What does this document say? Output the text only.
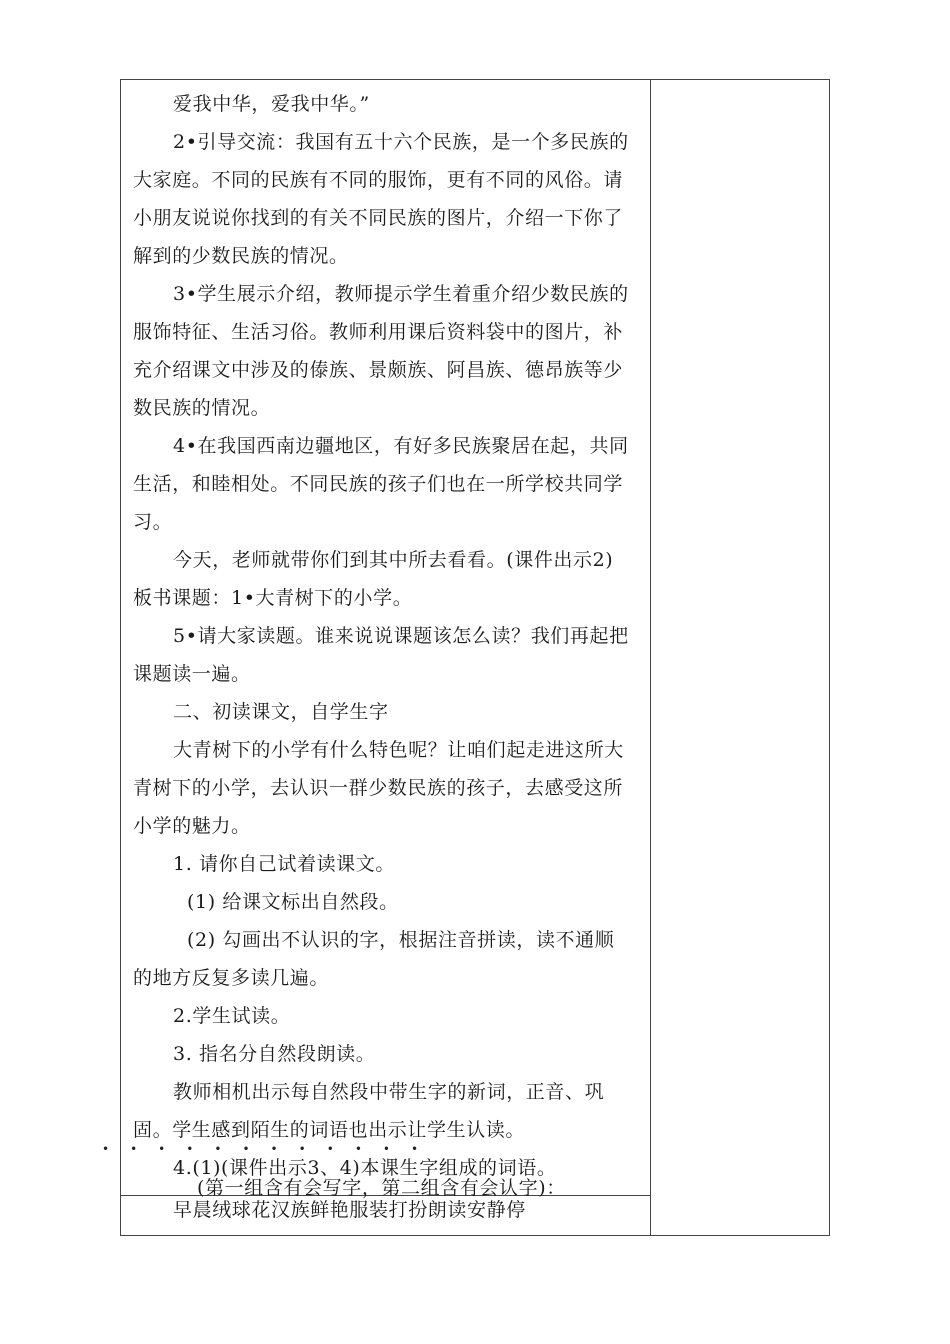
爱我中华，爱我中华。”
2•引导交流：我国有五十六个民族，是一个多民族的
大家庭。不同的民族有不同的服饰，更有不同的风俗。请
小朋友说说你找到的有关不同民族的图片，介绍一下你了
解到的少数民族的情况。
3•学生展示介绍，教师提示学生着重介绍少数民族的
服饰特征、生活习俗。教师利用课后资料袋中的图片，补
充介绍课文中涉及的傣族、景颇族、阿昌族、德昂族等少
数民族的情况。
4•在我国西南边疆地区，有好多民族聚居在起，共同
生活，和睦相处。不同民族的孩子们也在一所学校共同学
习。
今天，老师就带你们到其中所去看看。(课件出示2)
板书课题：1•大青树下的小学。
5•请大家读题。谁来说说课题该怎么读？我们再起把
课题读一遍。
二、初读课文，自学生字
大青树下的小学有什么特色呢？让咱们起走进这所大
青树下的小学，去认识一群少数民族的孩子，去感受这所
小学的魅力。
1. 请你自己试着读课文。
(1) 给课文标出自然段。
(2) 勾画出不认识的字，根据注音拼读，读不通顺
的地方反复多读几遍。
2.学生试读。
3. 指名分自然段朗读。
教师相机出示每自然段中带生字的新词，正音、巩
固。学生感到陌生的词语也出示让学生认读。
4.(1)(课件出示3、4)本课生字组成的词语。
(第一组含有会写字，第二组含有会认字)：
早晨绒球花汉族鲜艳服装打扮朗读安静停
• • • • • • • • • • • •
